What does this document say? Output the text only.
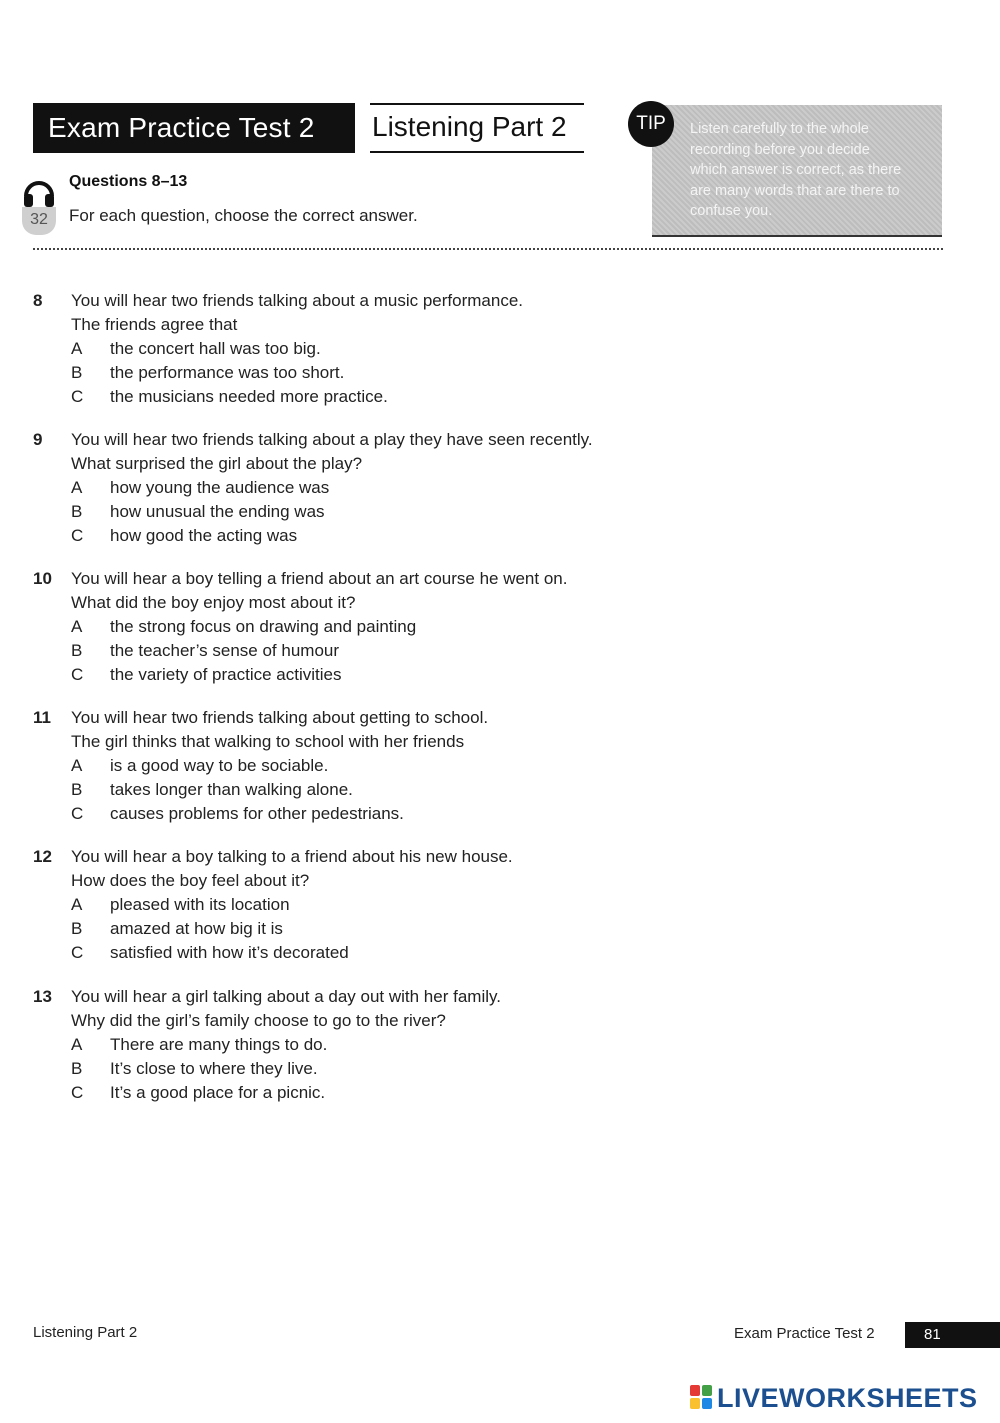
Exam Practice Test 2	Listening Part 2
32
Questions 8–13
For each question, choose the correct answer.
TIP	Listen carefully to the whole
recording before you decide
which answer is correct, as there
are many words that are there to
confuse you.
8 You will hear two friends talking about a music performance.
The friends agree that
A the concert hall was too big.
B the performance was too short.
C the musicians needed more practice.
9 You will hear two friends talking about a play they have seen recently.
What surprised the girl about the play?
A how young the audience was
B how unusual the ending was
C how good the acting was
10 You will hear a boy telling a friend about an art course he went on.
What did the boy enjoy most about it?
A the strong focus on drawing and painting
B the teacher’s sense of humour
C the variety of practice activities
11 You will hear two friends talking about getting to school.
The girl thinks that walking to school with her friends
A is a good way to be sociable.
B takes longer than walking alone.
C causes problems for other pedestrians.
12 You will hear a boy talking to a friend about his new house.
How does the boy feel about it?
A pleased with its location
B amazed at how big it is
C satisfied with how it’s decorated
13 You will hear a girl talking about a day out with her family.
Why did the girl’s family choose to go to the river?
A There are many things to do.
B It’s close to where they live.
C It’s a good place for a picnic.
Listening Part 2	Exam Practice Test 2	81
LIVEWORKSHEETS
